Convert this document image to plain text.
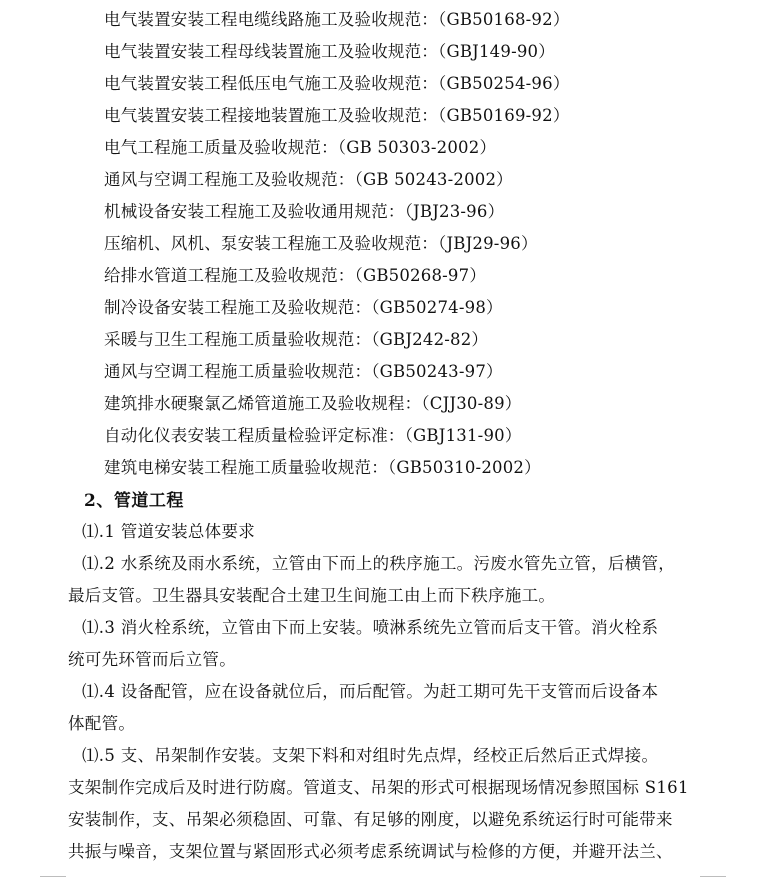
电气装置安装工程电缆线路施工及验收规范：（GB50168-92）
电气装置安装工程母线装置施工及验收规范：（GBJ149-90）
电气装置安装工程低压电气施工及验收规范：（GB50254-96）
电气装置安装工程接地装置施工及验收规范：（GB50169-92）
电气工程施工质量及验收规范：（GB 50303-2002）
通风与空调工程施工及验收规范：（GB 50243-2002）
机械设备安装工程施工及验收通用规范：（JBJ23-96）
压缩机、风机、泵安装工程施工及验收规范：（JBJ29-96）
给排水管道工程施工及验收规范：（GB50268-97）
制冷设备安装工程施工及验收规范：（GB50274-98）
采暖与卫生工程施工质量验收规范：（GBJ242-82）
通风与空调工程施工质量验收规范：（GB50243-97）
建筑排水硬聚氯乙烯管道施工及验收规程：（CJJ30-89）
自动化仪表安装工程质量检验评定标准：（GBJ131-90）
建筑电梯安装工程施工质量验收规范：（GB50310-2002）
2、管道工程
⑴.1 管道安装总体要求
⑴.2 水系统及雨水系统，立管由下而上的秩序施工。污废水管先立管，后横管，
最后支管。卫生器具安装配合土建卫生间施工由上而下秩序施工。
⑴.3 消火栓系统，立管由下而上安装。喷淋系统先立管而后支干管。消火栓系
统可先环管而后立管。
⑴.4 设备配管，应在设备就位后，而后配管。为赶工期可先干支管而后设备本
体配管。
⑴.5 支、吊架制作安装。支架下料和对组时先点焊，经校正后然后正式焊接。
支架制作完成后及时进行防腐。管道支、吊架的形式可根据现场情况参照国标 S161
安装制作，支、吊架必须稳固、可靠、有足够的刚度，以避免系统运行时可能带来
共振与噪音，支架位置与紧固形式必须考虑系统调试与检修的方便，并避开法兰、
